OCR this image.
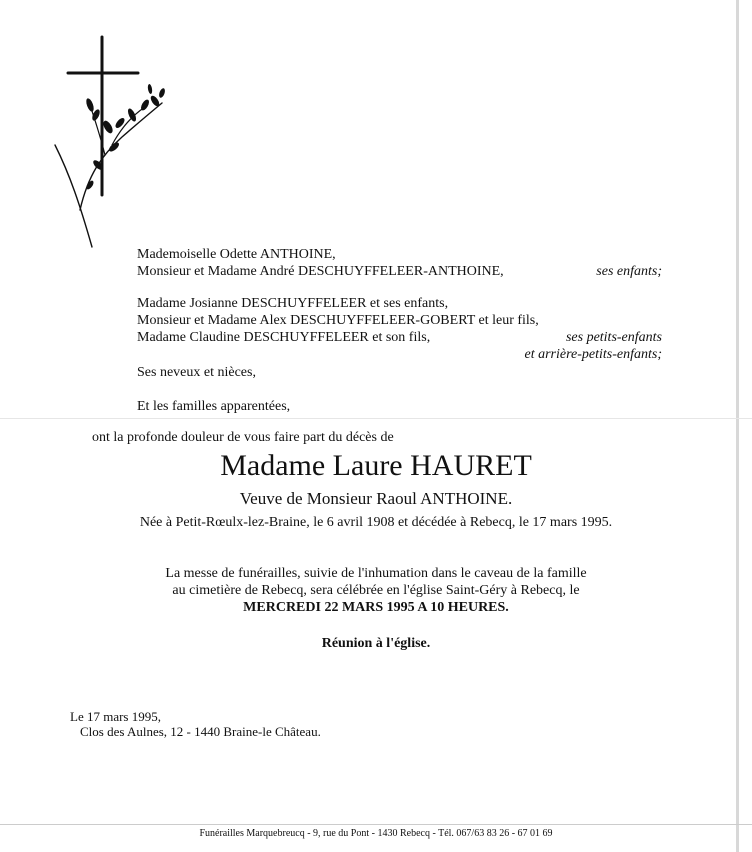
Mademoiselle Odette ANTHOINE,
Monsieur et Madame André DESCHUYFFELEER-ANTHOINE,	ses enfants;
Madame Josianne DESCHUYFFELEER et ses enfants,
Monsieur et Madame Alex DESCHUYFFELEER-GOBERT et leur fils,
Madame Claudine DESCHUYFFELEER et son fils,	ses petits-enfants
et arrière-petits-enfants;
Ses neveux et nièces,
Et les familles apparentées,
ont la profonde douleur de vous faire part du décès de
Madame Laure HAURET
Veuve de Monsieur Raoul ANTHOINE.
Née à Petit-Rœulx-lez-Braine, le 6 avril 1908 et décédée à Rebecq, le 17 mars 1995.
La messe de funérailles, suivie de l'inhumation dans le caveau de la famille
au cimetière de Rebecq, sera célébrée en l'église Saint-Géry à Rebecq, le
MERCREDI 22 MARS 1995 A 10 HEURES.
Réunion à l'église.
Le 17 mars 1995,
Clos des Aulnes, 12 - 1440 Braine-le Château.
Funérailles Marquebreucq - 9, rue du Pont - 1430 Rebecq - Tél. 067/63 83 26 - 67 01 69
